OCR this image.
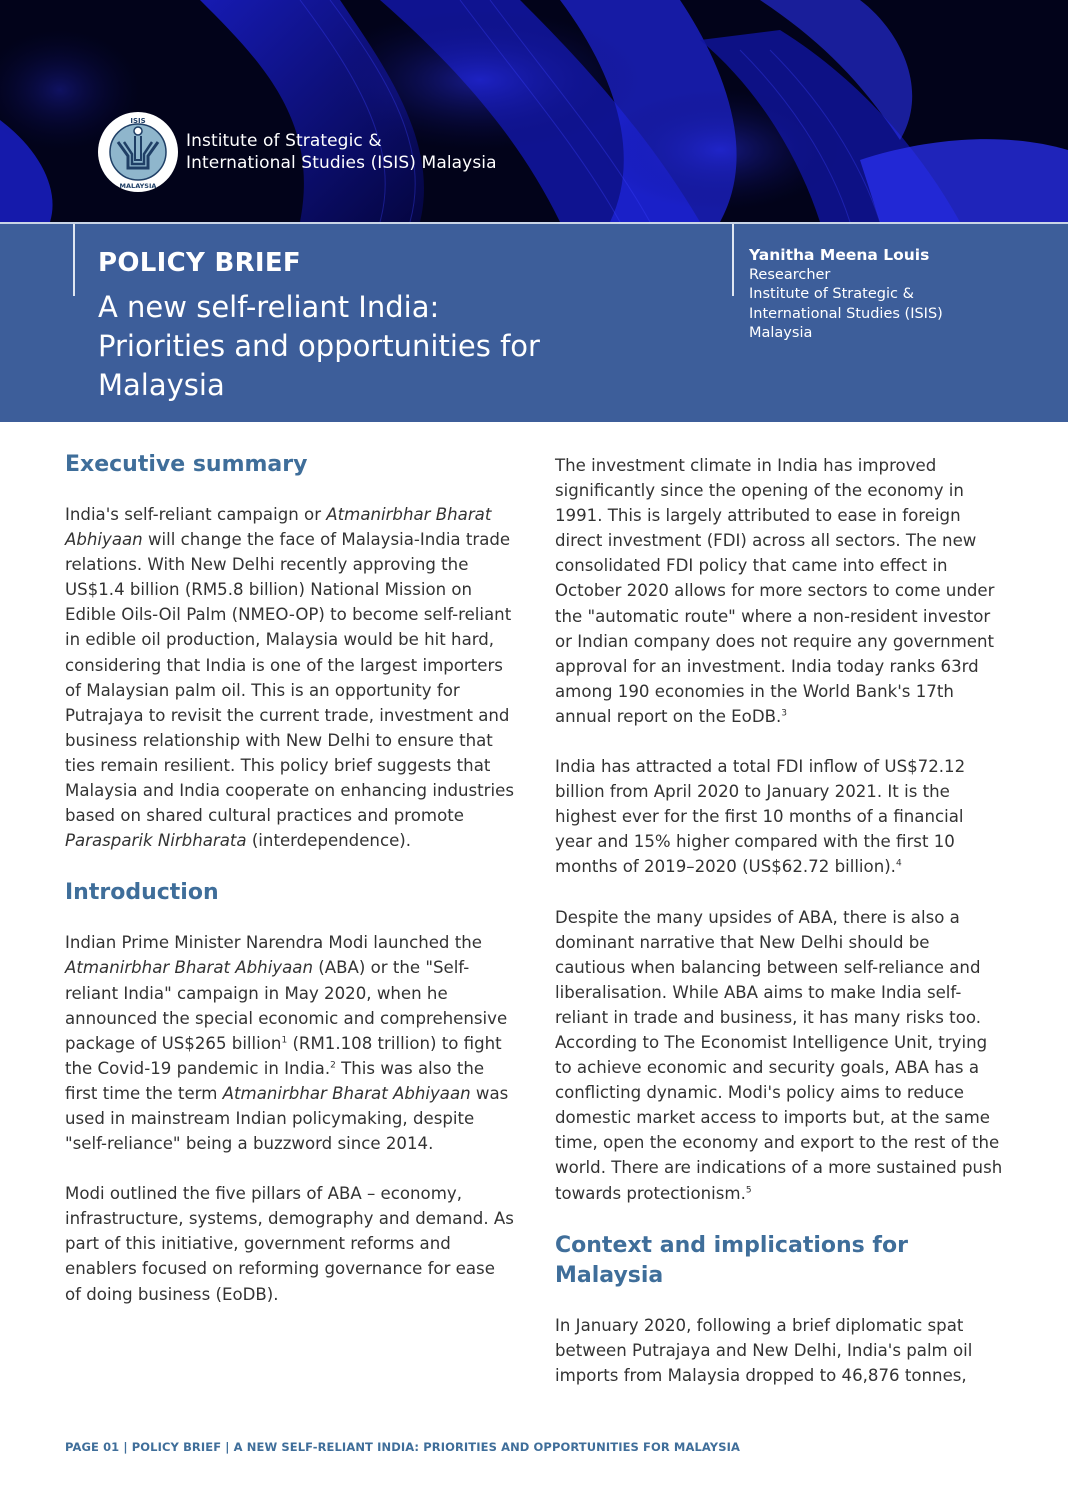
ISIS
MALAYSIA
Institute of Strategic &
International Studies (ISIS) Malaysia
POLICY BRIEF
A new self-reliant India:
Priorities and opportunities for
Malaysia
Yanitha Meena Louis
Researcher
Institute of Strategic &
International Studies (ISIS)
Malaysia
Executive summary

India's self-reliant campaign or Atmanirbhar Bharat Abhiyaan will change the face of Malaysia-India trade relations. With New Delhi recently approving the US$1.4 billion (RM5.8 billion) National Mission on Edible Oils-Oil Palm (NMEO-OP) to become self-reliant in edible oil production, Malaysia would be hit hard, considering that India is one of the largest importers of Malaysian palm oil. This is an opportunity for Putrajaya to revisit the current trade, investment and business relationship with New Delhi to ensure that ties remain resilient. This policy brief suggests that Malaysia and India cooperate on enhancing industries based on shared cultural practices and promote Parasparik Nirbharata (interdependence).

Introduction

Indian Prime Minister Narendra Modi launched the Atmanirbhar Bharat Abhiyaan (ABA) or the "Self-reliant India" campaign in May 2020, when he announced the special economic and comprehensive package of US$265 billion$^1$ (RM1.108 trillion) to fight the Covid-19 pandemic in India.$^2$ This was also the first time the term Atmanirbhar Bharat Abhiyaan was used in mainstream Indian policymaking, despite "self-reliance" being a buzzword since 2014.

Modi outlined the five pillars of ABA – economy, infrastructure, systems, demography and demand. As part of this initiative, government reforms and enablers focused on reforming governance for ease of doing business (EoDB).

The investment climate in India has improved significantly since the opening of the economy in 1991. This is largely attributed to ease in foreign direct investment (FDI) across all sectors. The new consolidated FDI policy that came into effect in October 2020 allows for more sectors to come under the "automatic route" where a non-resident investor or Indian company does not require any government approval for an investment. India today ranks 63rd among 190 economies in the World Bank's 17th annual report on the EoDB.$^3$

India has attracted a total FDI inflow of US$72.12 billion from April 2020 to January 2021. It is the highest ever for the first 10 months of a financial year and 15% higher compared with the first 10 months of 2019–2020 (US$62.72 billion).$^4$

Despite the many upsides of ABA, there is also a dominant narrative that New Delhi should be cautious when balancing between self-reliance and liberalisation. While ABA aims to make India self-reliant in trade and business, it has many risks too. According to The Economist Intelligence Unit, trying to achieve economic and security goals, ABA has a conflicting dynamic. Modi's policy aims to reduce domestic market access to imports but, at the same time, open the economy and export to the rest of the world. There are indications of a more sustained push towards protectionism.$^5$

Context and implications for Malaysia

In January 2020, following a brief diplomatic spat between Putrajaya and New Delhi, India's palm oil imports from Malaysia dropped to 46,876 tonnes,

PAGE 01 | POLICY BRIEF | A NEW SELF-RELIANT INDIA: PRIORITIES AND OPPORTUNITIES FOR MALAYSIA
